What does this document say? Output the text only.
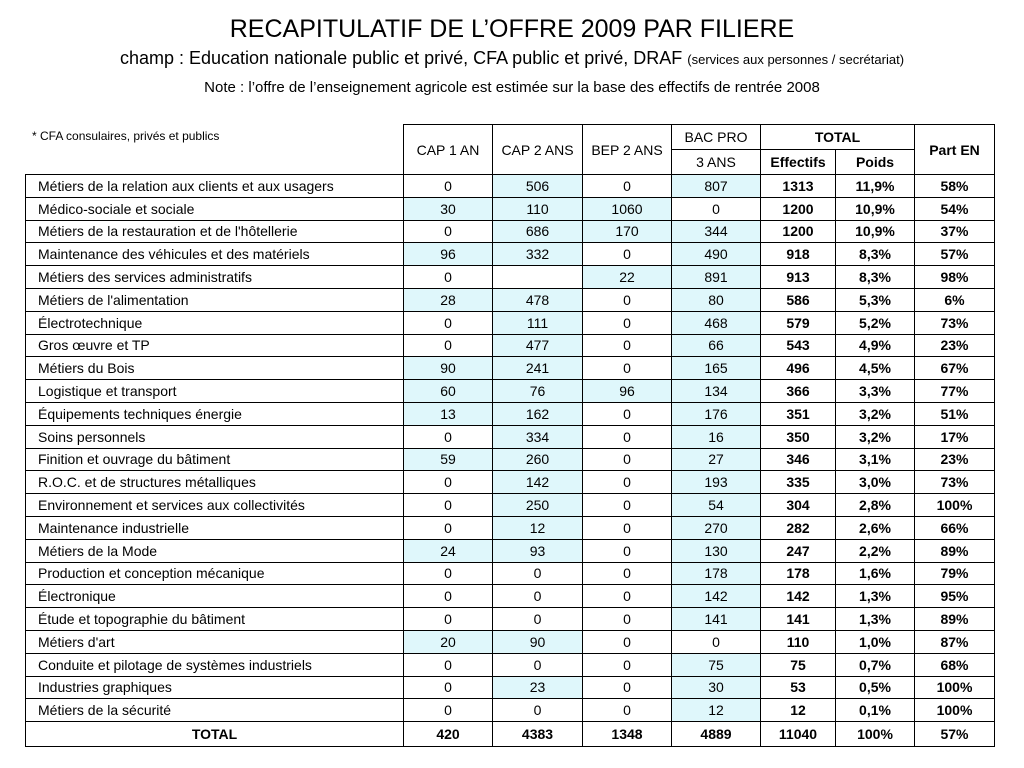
RECAPITULATIF DE L’OFFRE 2009 PAR FILIERE
champ : Education nationale public et privé, CFA public et privé, DRAF (services aux personnes / secrétariat)
Note : l’offre de l’enseignement agricole est estimée sur la base des effectifs de rentrée 2008
	CAP 1 AN	CAP 2 ANS	BEP 2 ANS	BAC PRO	TOTAL		Part EN
				3 ANS	Effectifs	Poids	
Métiers de la relation aux clients et aux usagers	0	506	0	807	1313	11,9%	58%
Médico-sociale et sociale	30	110	1060	0	1200	10,9%	54%
Métiers de la restauration et de l'hôtellerie	0	686	170	344	1200	10,9%	37%
Maintenance des véhicules et des matériels	96	332	0	490	918	8,3%	57%
Métiers des services administratifs	0		22	891	913	8,3%	98%
Métiers de l'alimentation	28	478	0	80	586	5,3%	6%
Électrotechnique	0	111	0	468	579	5,2%	73%
Gros œuvre et TP	0	477	0	66	543	4,9%	23%
Métiers du Bois	90	241	0	165	496	4,5%	67%
Logistique et transport	60	76	96	134	366	3,3%	77%
Équipements techniques énergie	13	162	0	176	351	3,2%	51%
Soins personnels	0	334	0	16	350	3,2%	17%
Finition et ouvrage du bâtiment	59	260	0	27	346	3,1%	23%
R.O.C. et de structures métalliques	0	142	0	193	335	3,0%	73%
Environnement et services aux collectivités	0	250	0	54	304	2,8%	100%
Maintenance industrielle	0	12	0	270	282	2,6%	66%
Métiers de la Mode	24	93	0	130	247	2,2%	89%
Production et conception mécanique	0	0	0	178	178	1,6%	79%
Électronique	0	0	0	142	142	1,3%	95%
Étude et topographie du bâtiment	0	0	0	141	141	1,3%	89%
Métiers d'art	20	90	0	0	110	1,0%	87%
Conduite et pilotage de systèmes industriels	0	0	0	75	75	0,7%	68%
Industries graphiques	0	23	0	30	53	0,5%	100%
Métiers de la sécurité	0	0	0	12	12	0,1%	100%
TOTAL	420	4383	1348	4889	11040	100%	57%
* CFA consulaires, privés et publics
